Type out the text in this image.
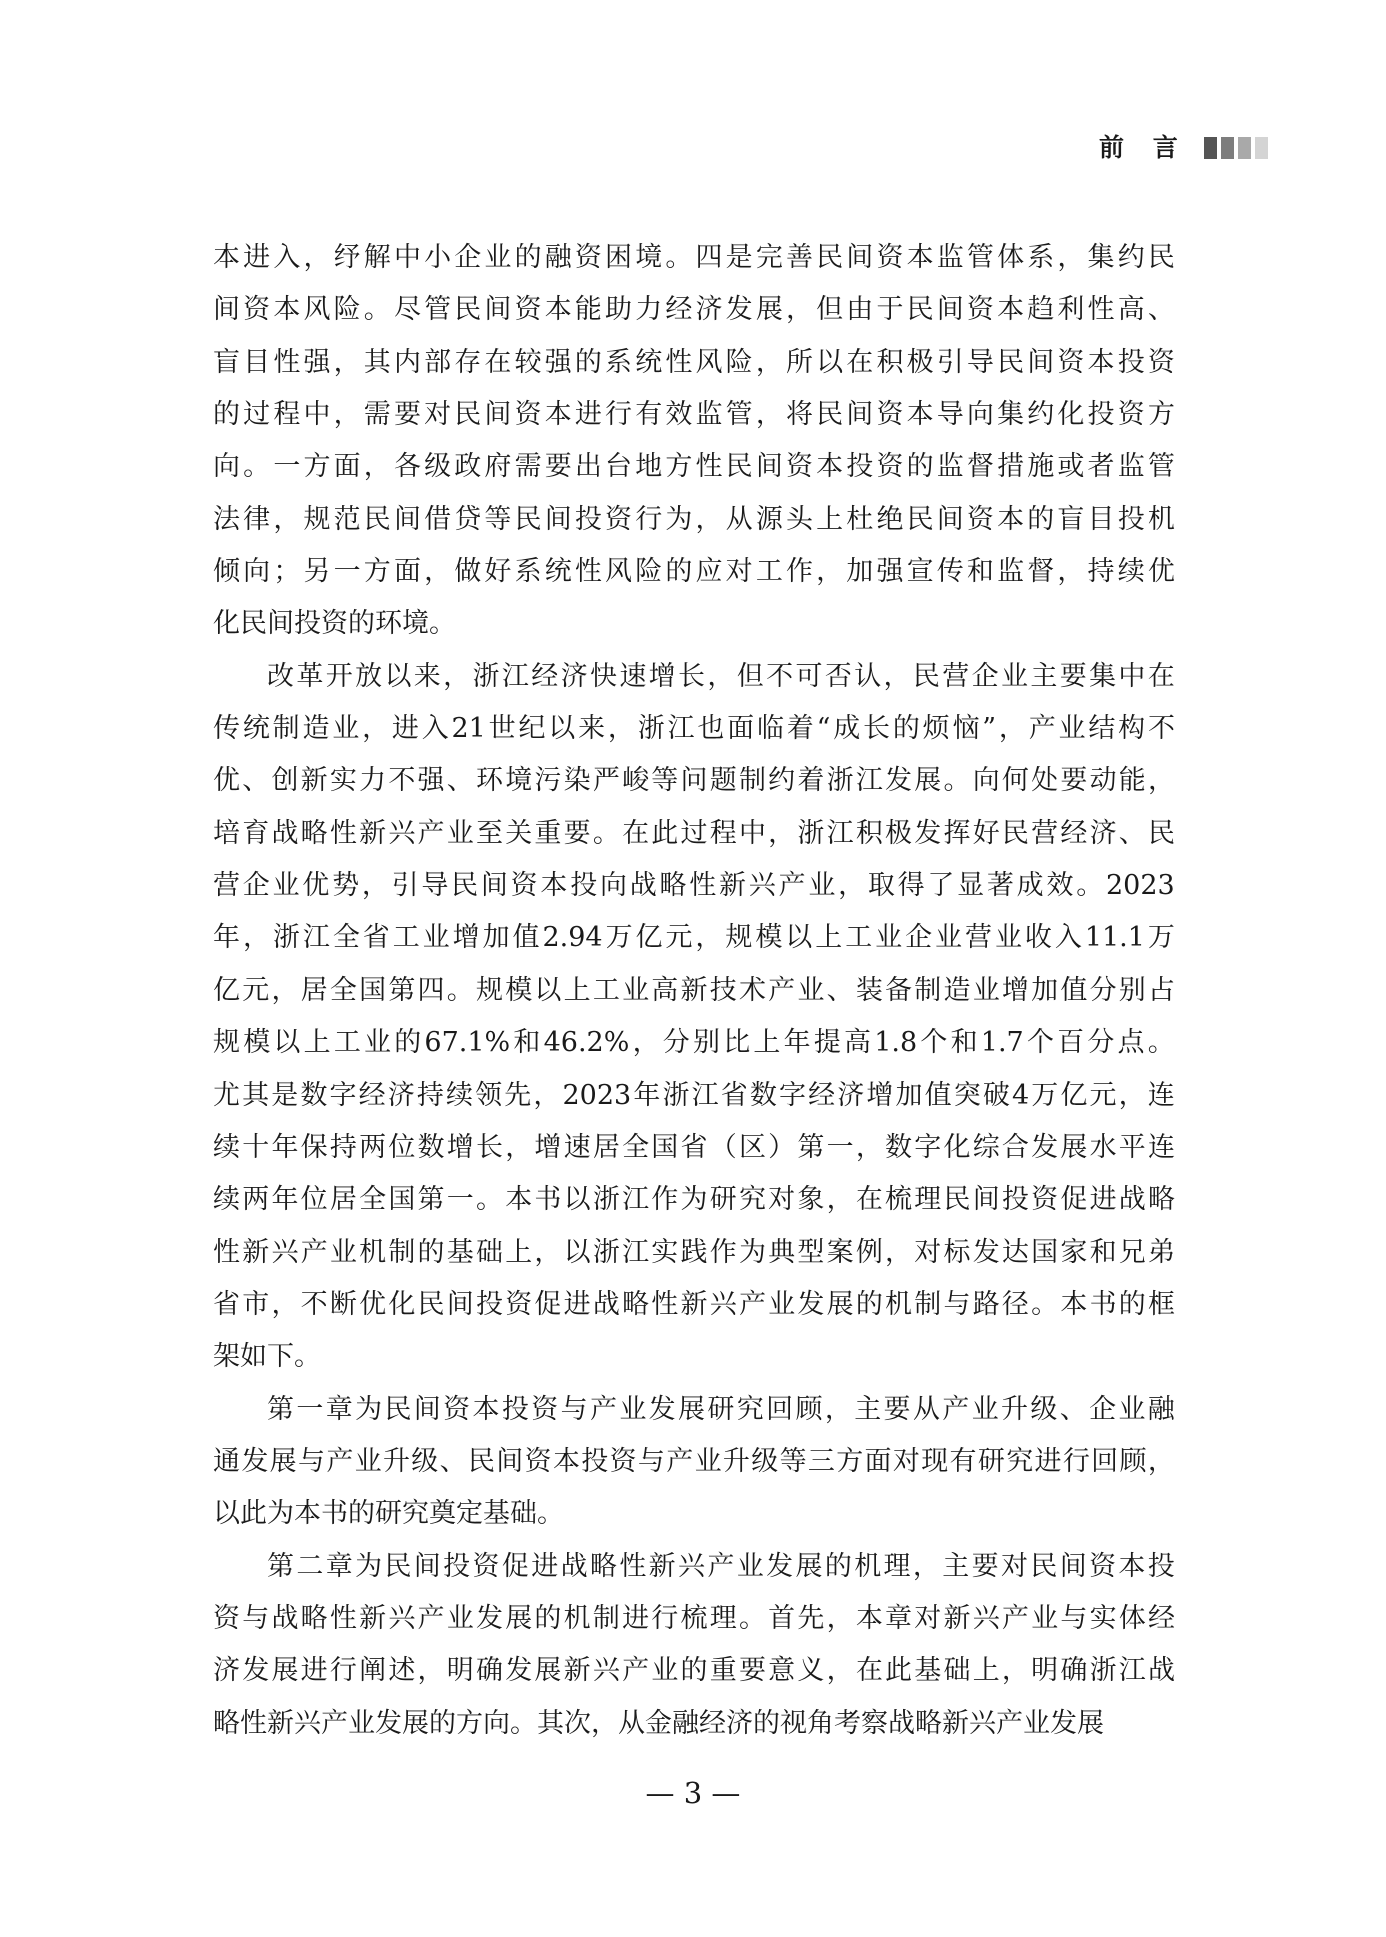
前 言
本 进 入 ， 纾 解 中 小 企 业 的 融 资 困 境 。 四 是 完 善 民 间 资 本 监 管 体 系 ， 集 约 民
间 资 本 风 险 。 尽 管 民 间 资 本 能 助 力 经 济 发 展 ， 但 由 于 民 间 资 本 趋 利 性 高 、
盲 目 性 强 ， 其 内 部 存 在 较 强 的 系 统 性 风 险 ， 所 以 在 积 极 引 导 民 间 资 本 投 资
的 过 程 中 ， 需 要 对 民 间 资 本 进 行 有 效 监 管 ， 将 民 间 资 本 导 向 集 约 化 投 资 方
向 。 一 方 面 ， 各 级 政 府 需 要 出 台 地 方 性 民 间 资 本 投 资 的 监 督 措 施 或 者 监 管
法 律 ， 规 范 民 间 借 贷 等 民 间 投 资 行 为 ， 从 源 头 上 杜 绝 民 间 资 本 的 盲 目 投 机
倾 向 ； 另 一 方 面 ， 做 好 系 统 性 风 险 的 应 对 工 作 ， 加 强 宣 传 和 监 督 ， 持 续 优
化民间投资的环境。
改 革 开 放 以 来 ， 浙 江 经 济 快 速 增 长 ， 但 不 可 否 认 ， 民 营 企 业 主 要 集 中 在
传 统 制 造 业 ， 进 入 21 世 纪 以 来 ， 浙 江 也 面 临 着 “ 成 长 的 烦 恼 ” ， 产 业 结 构 不
优 、 创 新 实 力 不 强 、 环 境 污 染 严 峻 等 问 题 制 约 着 浙 江 发 展 。 向 何 处 要 动 能 ，
培 育 战 略 性 新 兴 产 业 至 关 重 要 。 在 此 过 程 中 ， 浙 江 积 极 发 挥 好 民 营 经 济 、 民
营 企 业 优 势 ， 引 导 民 间 资 本 投 向 战 略 性 新 兴 产 业 ， 取 得 了 显 著 成 效 。 2023
年 ， 浙 江 全 省 工 业 增 加 值 2.94 万 亿 元 ， 规 模 以 上 工 业 企 业 营 业 收 入 11.1 万
亿 元 ， 居 全 国 第 四 。 规 模 以 上 工 业 高 新 技 术 产 业 、 装 备 制 造 业 增 加 值 分 别 占
规 模 以 上 工 业 的 67.1% 和 46.2% ， 分 别 比 上 年 提 高 1.8 个 和 1.7 个 百 分 点 。
尤 其 是 数 字 经 济 持 续 领 先 ， 2023 年 浙 江 省 数 字 经 济 增 加 值 突 破 4 万 亿 元 ， 连
续 十 年 保 持 两 位 数 增 长 ， 增 速 居 全 国 省 （ 区 ） 第 一 ， 数 字 化 综 合 发 展 水 平 连
续 两 年 位 居 全 国 第 一 。 本 书 以 浙 江 作 为 研 究 对 象 ， 在 梳 理 民 间 投 资 促 进 战 略
性 新 兴 产 业 机 制 的 基 础 上 ， 以 浙 江 实 践 作 为 典 型 案 例 ， 对 标 发 达 国 家 和 兄 弟
省 市 ， 不 断 优 化 民 间 投 资 促 进 战 略 性 新 兴 产 业 发 展 的 机 制 与 路 径 。 本 书 的 框
架如下。
第 一 章 为 民 间 资 本 投 资 与 产 业 发 展 研 究 回 顾 ， 主 要 从 产 业 升 级 、 企 业 融
通 发 展 与 产 业 升 级 、 民 间 资 本 投 资 与 产 业 升 级 等 三 方 面 对 现 有 研 究 进 行 回 顾 ，
以此为本书的研究奠定基础。
第 二 章 为 民 间 投 资 促 进 战 略 性 新 兴 产 业 发 展 的 机 理 ， 主 要 对 民 间 资 本 投
资 与 战 略 性 新 兴 产 业 发 展 的 机 制 进 行 梳 理 。 首 先 ， 本 章 对 新 兴 产 业 与 实 体 经
济 发 展 进 行 阐 述 ， 明 确 发 展 新 兴 产 业 的 重 要 意 义 ， 在 此 基 础 上 ， 明 确 浙 江 战
略性新兴产业发展的方向。其次，从金融经济的视角考察战略新兴产业发展
— 3 —
